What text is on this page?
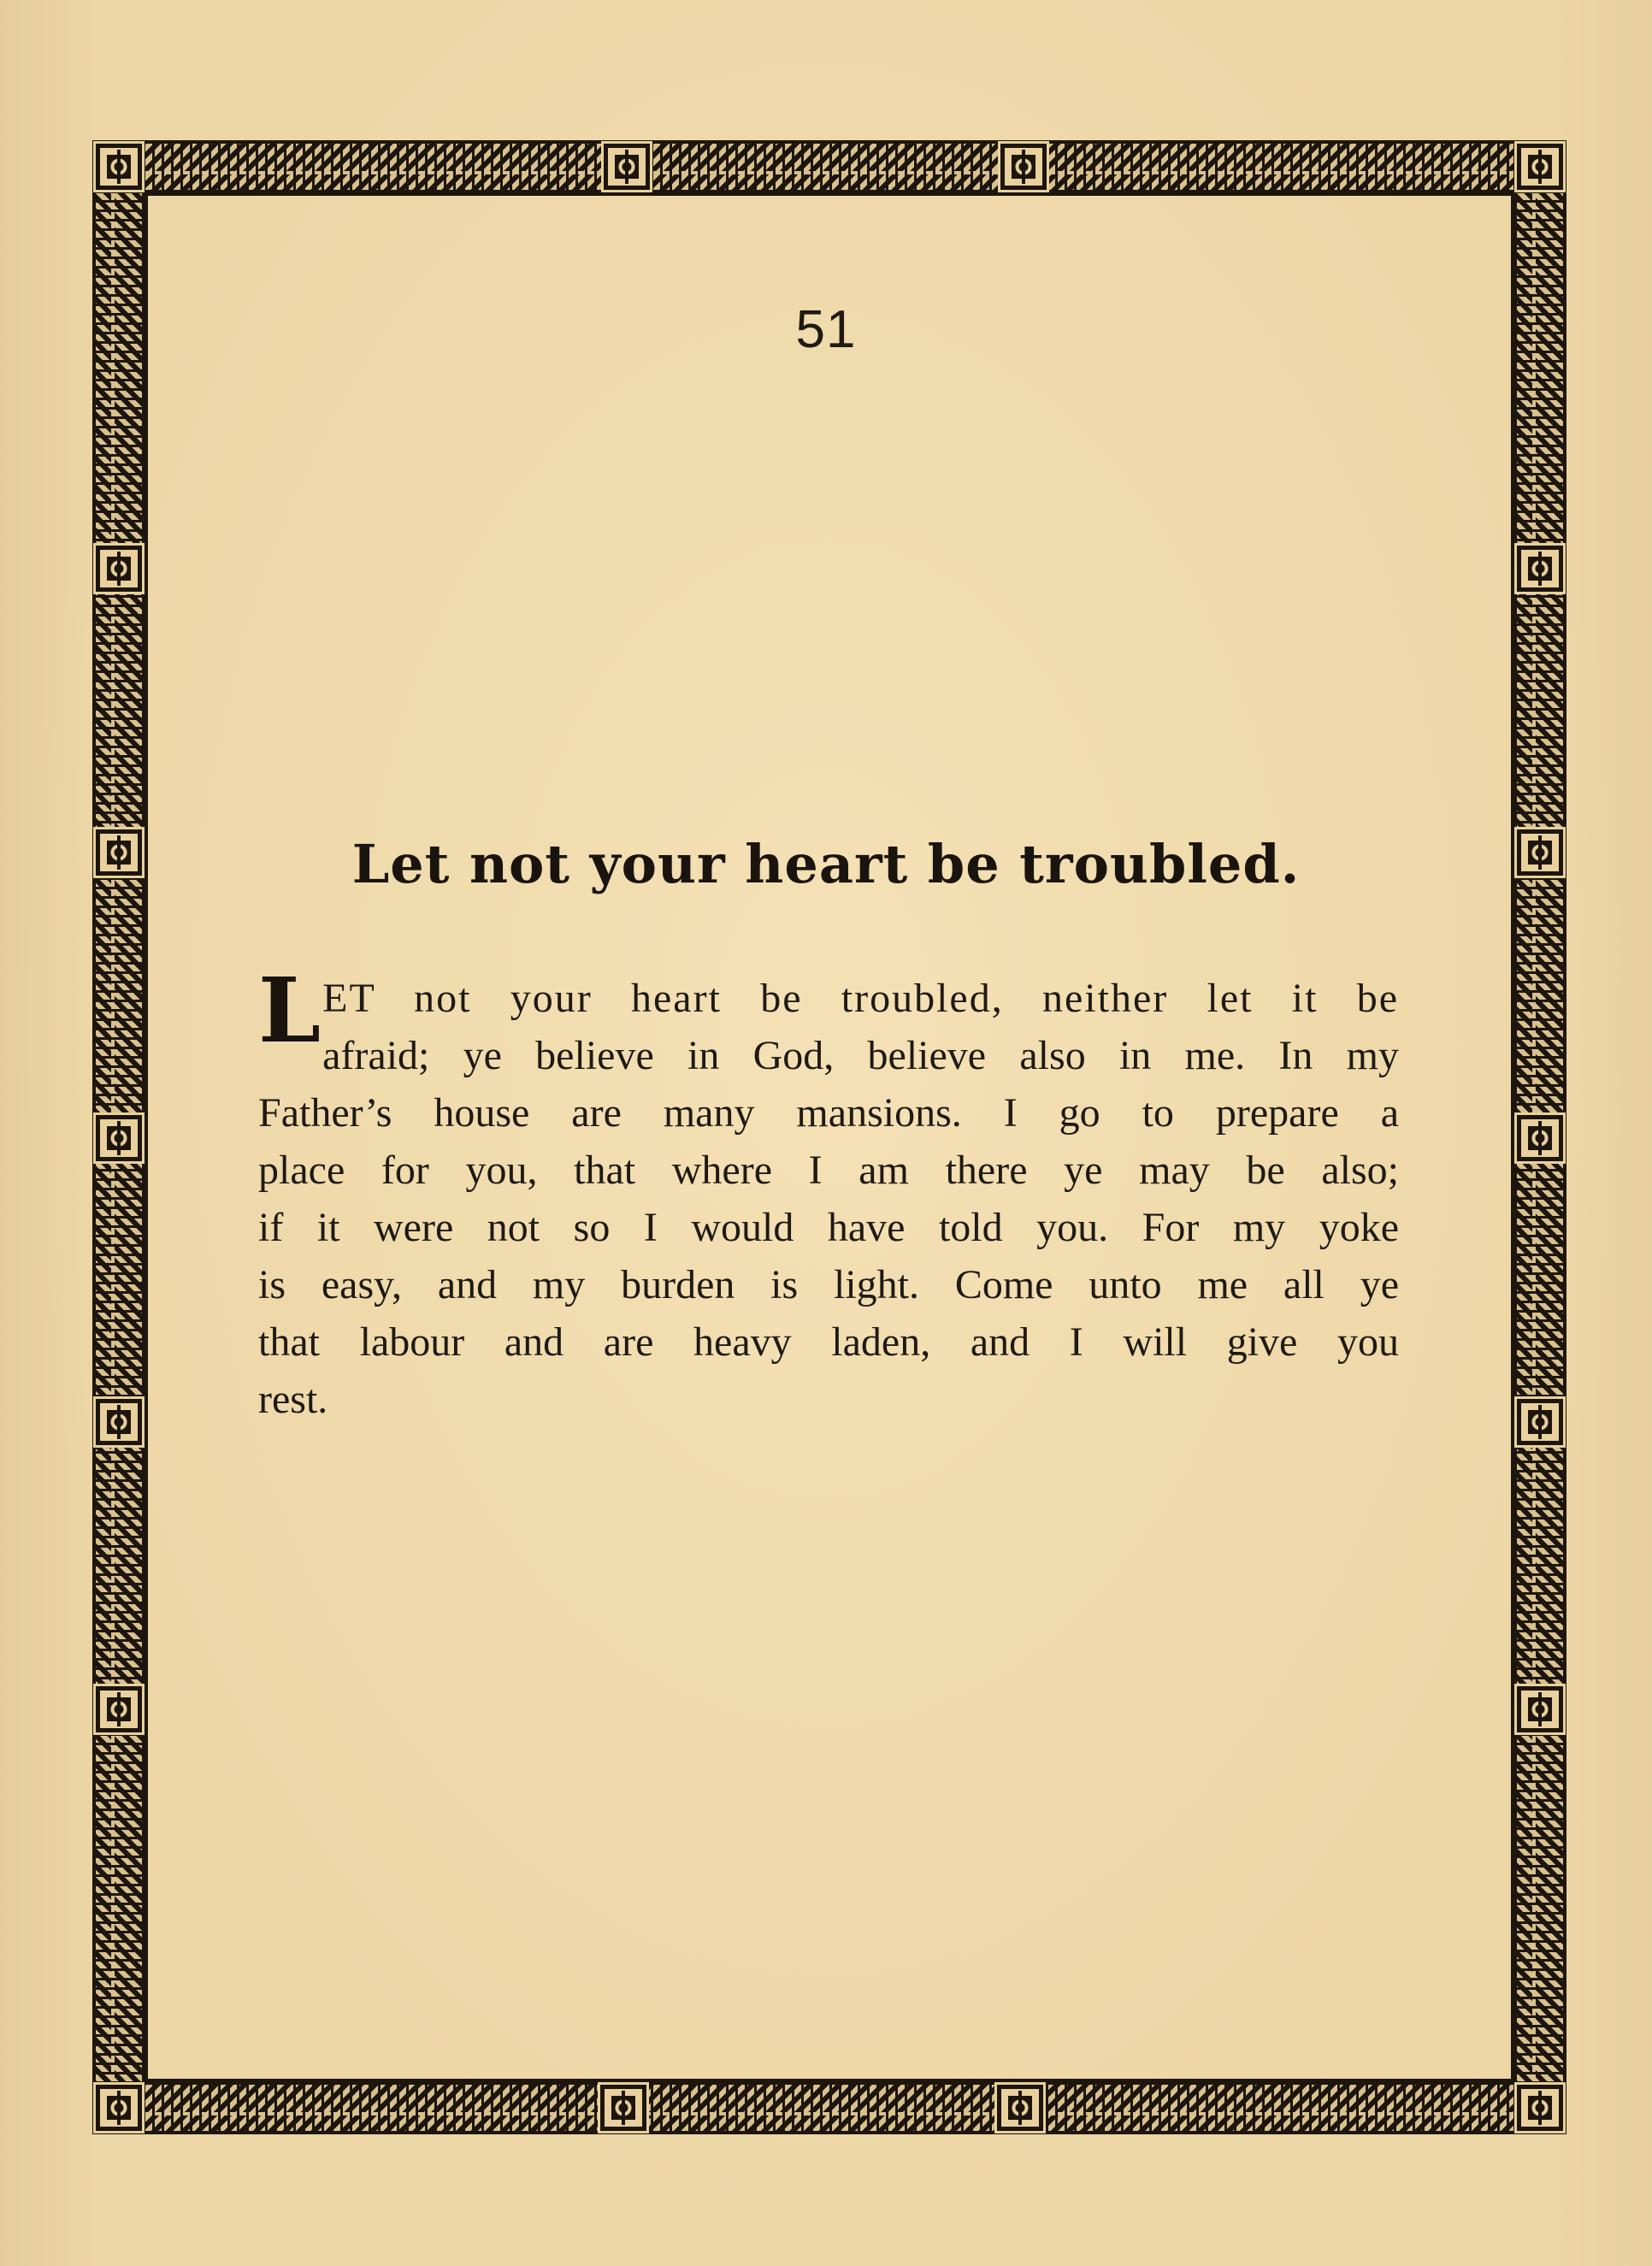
51
Let not your heart be troubled.
L ET not your heart be troubled, neither let it be
afraid; ye believe in God, believe also in me. In my
Father’s house are many mansions. I go to prepare a
place for you, that where I am there ye may be also;
if it were not so I would have told you. For my yoke
is easy, and my burden is light. Come unto me all ye
that labour and are heavy laden, and I will give you
rest.
